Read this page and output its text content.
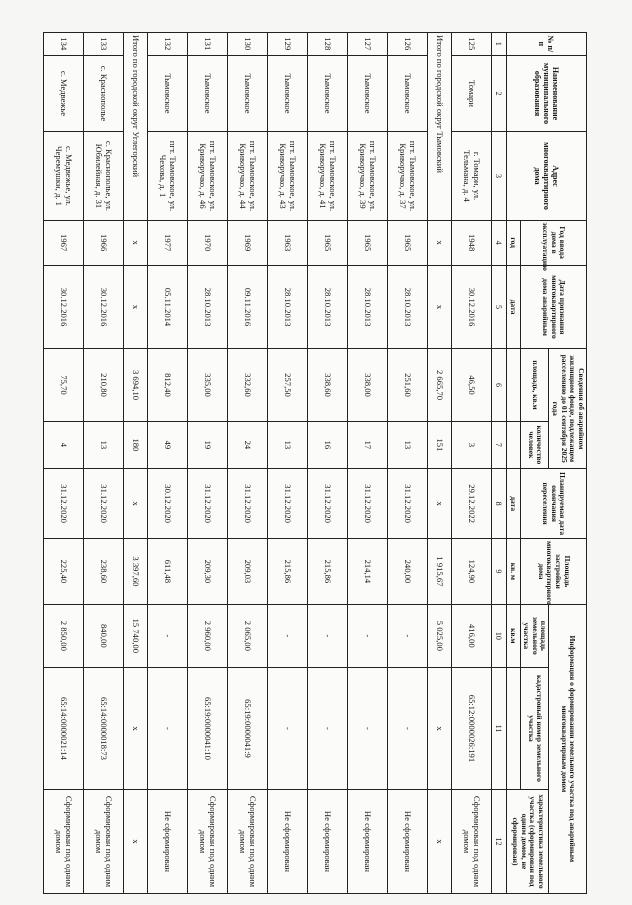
№ п/п	Наименование муниципального образования	Адрес многоквартирного дома	Год ввода дома в эксплуатацию	Дата признания многоквартирного дома аварийным	Сведения об аварийном жилищном фонде, подлежащем расселению до 01 сентября 2025 года		Планируемая дата окончания переселения	Площадь застройки многоквартирного дома	Информация о формировании земельного участка под аварийным многоквартирным домом		
					площадь, кв.м	количество человек			площадь земельного участка	кадастровый номер земельного участка	характеристика земельного участка (сформирован под одним домом, не сформирован)
			год	дата			дата	кв. м	кв.м		
1	2	3	4	5	6	7	8	9	10	11	12
125	Томари	г. Томари, ул. Тельмана, д. 4	1948	30.12.2016	46,50	3	29.12.2022	124,90	416,00	65:12:0000026:191	Сформирован под одним домом
Итого по городской округ Тымовский			х	х	2 665,70	151	х	1 915,67	5 025,00	х	х
126	Тымовское	пгт. Тымовское, ул. Криворучко, д. 37	1965	28.10.2013	251,60	13	31.12.2020	240,00	-	-	Не сформирован
127	Тымовское	пгт. Тымовское, ул. Криворучко, д. 39	1965	28.10.2013	338,00	17	31.12.2020	214,14	-	-	Не сформирован
128	Тымовское	пгт. Тымовское, ул. Криворучко, д. 41	1965	28.10.2013	338,60	16	31.12.2020	215,86	-	-	Не сформирован
129	Тымовское	пгт. Тымовское, ул. Криворучко, д. 43	1963	28.10.2013	257,50	13	31.12.2020	215,86	-	-	Не сформирован
130	Тымовское	пгт. Тымовское, ул. Криворучко, д. 44	1969	09.11.2016	332,60	24	31.12.2020	209,03	2 065,00	65:19:0000041:9	Сформирован под одним домом
131	Тымовское	пгт. Тымовское, ул. Криворучко, д. 46	1970	28.10.2013	335,00	19	31.12.2020	209,30	2 960,00	65:19:0000041:10	Сформирован под одним домом
132	Тымовское	пгт. Тымовское, ул. Чехова, д. 1	1977	05.11.2014	812,40	49	30.12.2020	611,48	-	-	Не сформирован
Итого по городской округ Углегорский			х	х	3 694,10	180	х	3 397,60	15 740,00	х	х
133	с. Краснополье	с. Краснополье, ул. Юбилейная, д. 31	1966	30.12.2016	210,80	13	31.12.2020	238,60	840,00	65:14:0000018:73	Сформирован под одним домом
134	с. Медвежье	с. Медвежье, ул. Черемушки, д. 1	1967	30.12.2016	75,70	4	31.12.2020	225,40	2 850,00	65:14:0000021:14	Сформирован под одним домом
